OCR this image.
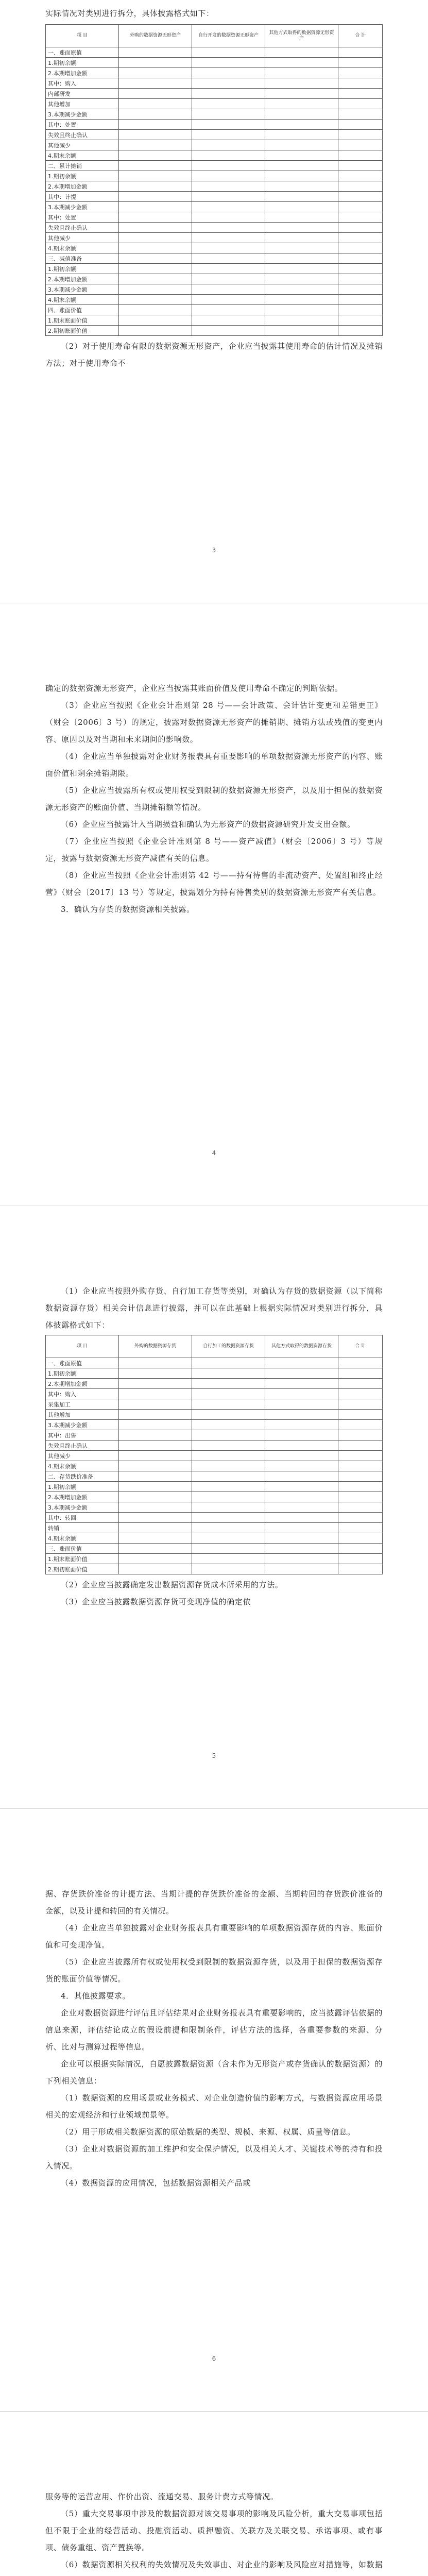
实际情况对类别进行拆分，具体披露格式如下：

项 目	外购的数据资源无形资产	自行开发的数据资源无形资产	其他方式取得的数据资源无形资产	合 计
一、账面原值				
1.期初余额				
2.本期增加金额				
其中：购入				
内部研发				
其他增加				
3.本期减少金额				
其中：处置				
失效且终止确认				
其他减少				
4.期末余额				
二、累计摊销				
1.期初余额				
2.本期增加金额				
其中：计提				
3.本期减少金额				
其中：处置				
失效且终止确认				
其他减少				
4.期末余额				
三、减值准备				
1.期初余额				
2.本期增加金额				
3.本期减少金额				
4.期末余额				
四、账面价值				
1.期末账面价值				
2.期初账面价值				

（2）对于使用寿命有限的数据资源无形资产，企业应当披露其使用寿命的估计情况及摊销方法；对于使用寿命不

3

确定的数据资源无形资产，企业应当披露其账面价值及使用寿命不确定的判断依据。

（3）企业应当按照《企业会计准则第 28 号——会计政策、会计估计变更和差错更正》（财会〔2006〕3 号）的规定，披露对数据资源无形资产的摊销期、摊销方法或残值的变更内容、原因以及对当期和未来期间的影响数。

（4）企业应当单独披露对企业财务报表具有重要影响的单项数据资源无形资产的内容、账面价值和剩余摊销期限。

（5）企业应当披露所有权或使用权受到限制的数据资源无形资产，以及用于担保的数据资源无形资产的账面价值、当期摊销额等情况。

（6）企业应当披露计入当期损益和确认为无形资产的数据资源研究开发支出金额。

（7）企业应当按照《企业会计准则第 8 号——资产减值》（财会〔2006〕3 号）等规定，披露与数据资源无形资产减值有关的信息。

（8）企业应当按照《企业会计准则第 42 号——持有待售的非流动资产、处置组和终止经营》（财会〔2017〕13 号）等规定，披露划分为持有待售类别的数据资源无形资产有关信息。

3．确认为存货的数据资源相关披露。

4

（1）企业应当按照外购存货、自行加工存货等类别，对确认为存货的数据资源（以下简称数据资源存货）相关会计信息进行披露，并可以在此基础上根据实际情况对类别进行拆分，具体披露格式如下：

项 目	外购的数据资源存货	自行加工的数据资源存货	其他方式取得的数据资源存货	合 计
一、账面原值				
1.期初余额				
2.本期增加金额				
其中：购入				
采集加工				
其他增加				
3.本期减少金额				
其中：出售				
失效且终止确认				
其他减少				
4.期末余额				
二、存货跌价准备				
1.期初余额				
2.本期增加金额				
3.本期减少金额				
其中：转回				
转销				
4.期末余额				
三、账面价值				
1.期末账面价值				
2.期初账面价值				

（2）企业应当披露确定发出数据资源存货成本所采用的方法。

（3）企业应当披露数据资源存货可变现净值的确定依

5

据、存货跌价准备的计提方法、当期计提的存货跌价准备的金额、当期转回的存货跌价准备的金额，以及计提和转回的有关情况。

（4）企业应当单独披露对企业财务报表具有重要影响的单项数据资源存货的内容、账面价值和可变现净值。

（5）企业应当披露所有权或使用权受到限制的数据资源存货，以及用于担保的数据资源存货的账面价值等情况。

4．其他披露要求。

企业对数据资源进行评估且评估结果对企业财务报表具有重要影响的，应当披露评估依据的信息来源，评估结论成立的假设前提和限制条件，评估方法的选择，各重要参数的来源、分析、比对与测算过程等信息。

企业可以根据实际情况，自愿披露数据资源（含未作为无形资产或存货确认的数据资源）的下列相关信息：

（1）数据资源的应用场景或业务模式、对企业创造价值的影响方式，与数据资源应用场景相关的宏观经济和行业领域前景等。

（2）用于形成相关数据资源的原始数据的类型、规模、来源、权属、质量等信息。

（3）企业对数据资源的加工维护和安全保护情况，以及相关人才、关键技术等的持有和投入情况。

（4）数据资源的应用情况，包括数据资源相关产品或

6

服务等的运营应用、作价出资、流通交易、服务计费方式等情况。

（5）重大交易事项中涉及的数据资源对该交易事项的影响及风险分析，重大交易事项包括但不限于企业的经营活动、投融资活动、质押融资、关联方及关联交易、承诺事项、或有事项、债务重组、资产置换等。

（6）数据资源相关权利的失效情况及失效事由、对企业的影响及风险应对措施等，如数据
